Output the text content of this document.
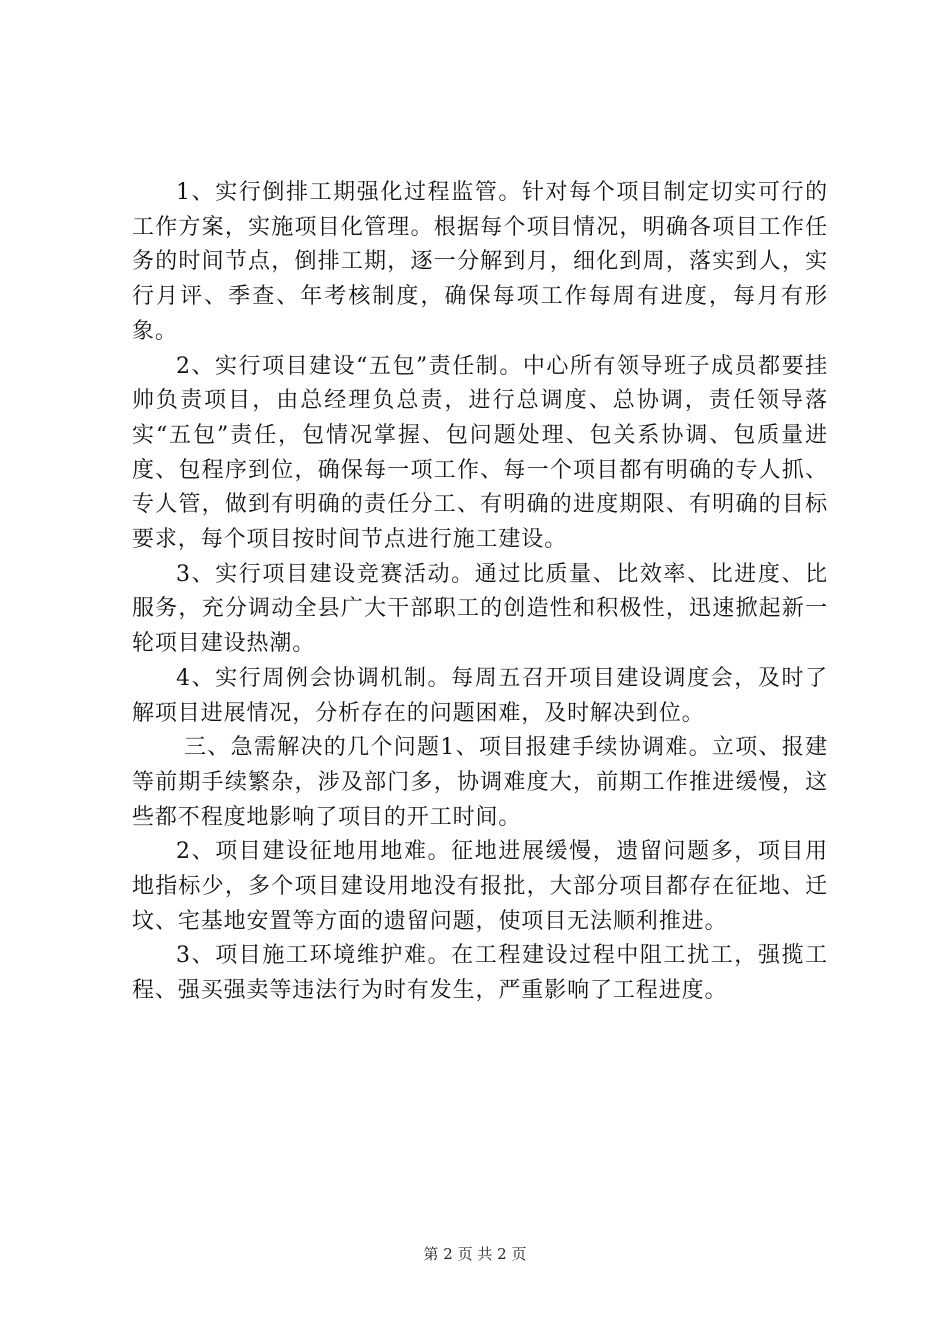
1、实行倒排工期强化过程监管。针对每个项目制定切实可行的工作方案，实施项目化管理。根据每个项目情况，明确各项目工作任务的时间节点，倒排工期，逐一分解到月，细化到周，落实到人，实行月评、季查、年考核制度，确保每项工作每周有进度，每月有形象。

2、实行项目建设“五包”责任制。中心所有领导班子成员都要挂帅负责项目，由总经理负总责，进行总调度、总协调，责任领导落实“五包”责任，包情况掌握、包问题处理、包关系协调、包质量进度、包程序到位，确保每一项工作、每一个项目都有明确的专人抓、专人管，做到有明确的责任分工、有明确的进度期限、有明确的目标要求，每个项目按时间节点进行施工建设。

3、实行项目建设竞赛活动。通过比质量、比效率、比进度、比服务，充分调动全县广大干部职工的创造性和积极性，迅速掀起新一轮项目建设热潮。

4、实行周例会协调机制。每周五召开项目建设调度会，及时了解项目进展情况，分析存在的问题困难，及时解决到位。

三、急需解决的几个问题1、项目报建手续协调难。立项、报建等前期手续繁杂，涉及部门多，协调难度大，前期工作推进缓慢，这些都不程度地影响了项目的开工时间。

2、项目建设征地用地难。征地进展缓慢，遗留问题多，项目用地指标少，多个项目建设用地没有报批，大部分项目都存在征地、迁坟、宅基地安置等方面的遗留问题，使项目无法顺利推进。

3、项目施工环境维护难。在工程建设过程中阻工扰工，强揽工程、强买强卖等违法行为时有发生，严重影响了工程进度。

第 2 页 共 2 页
